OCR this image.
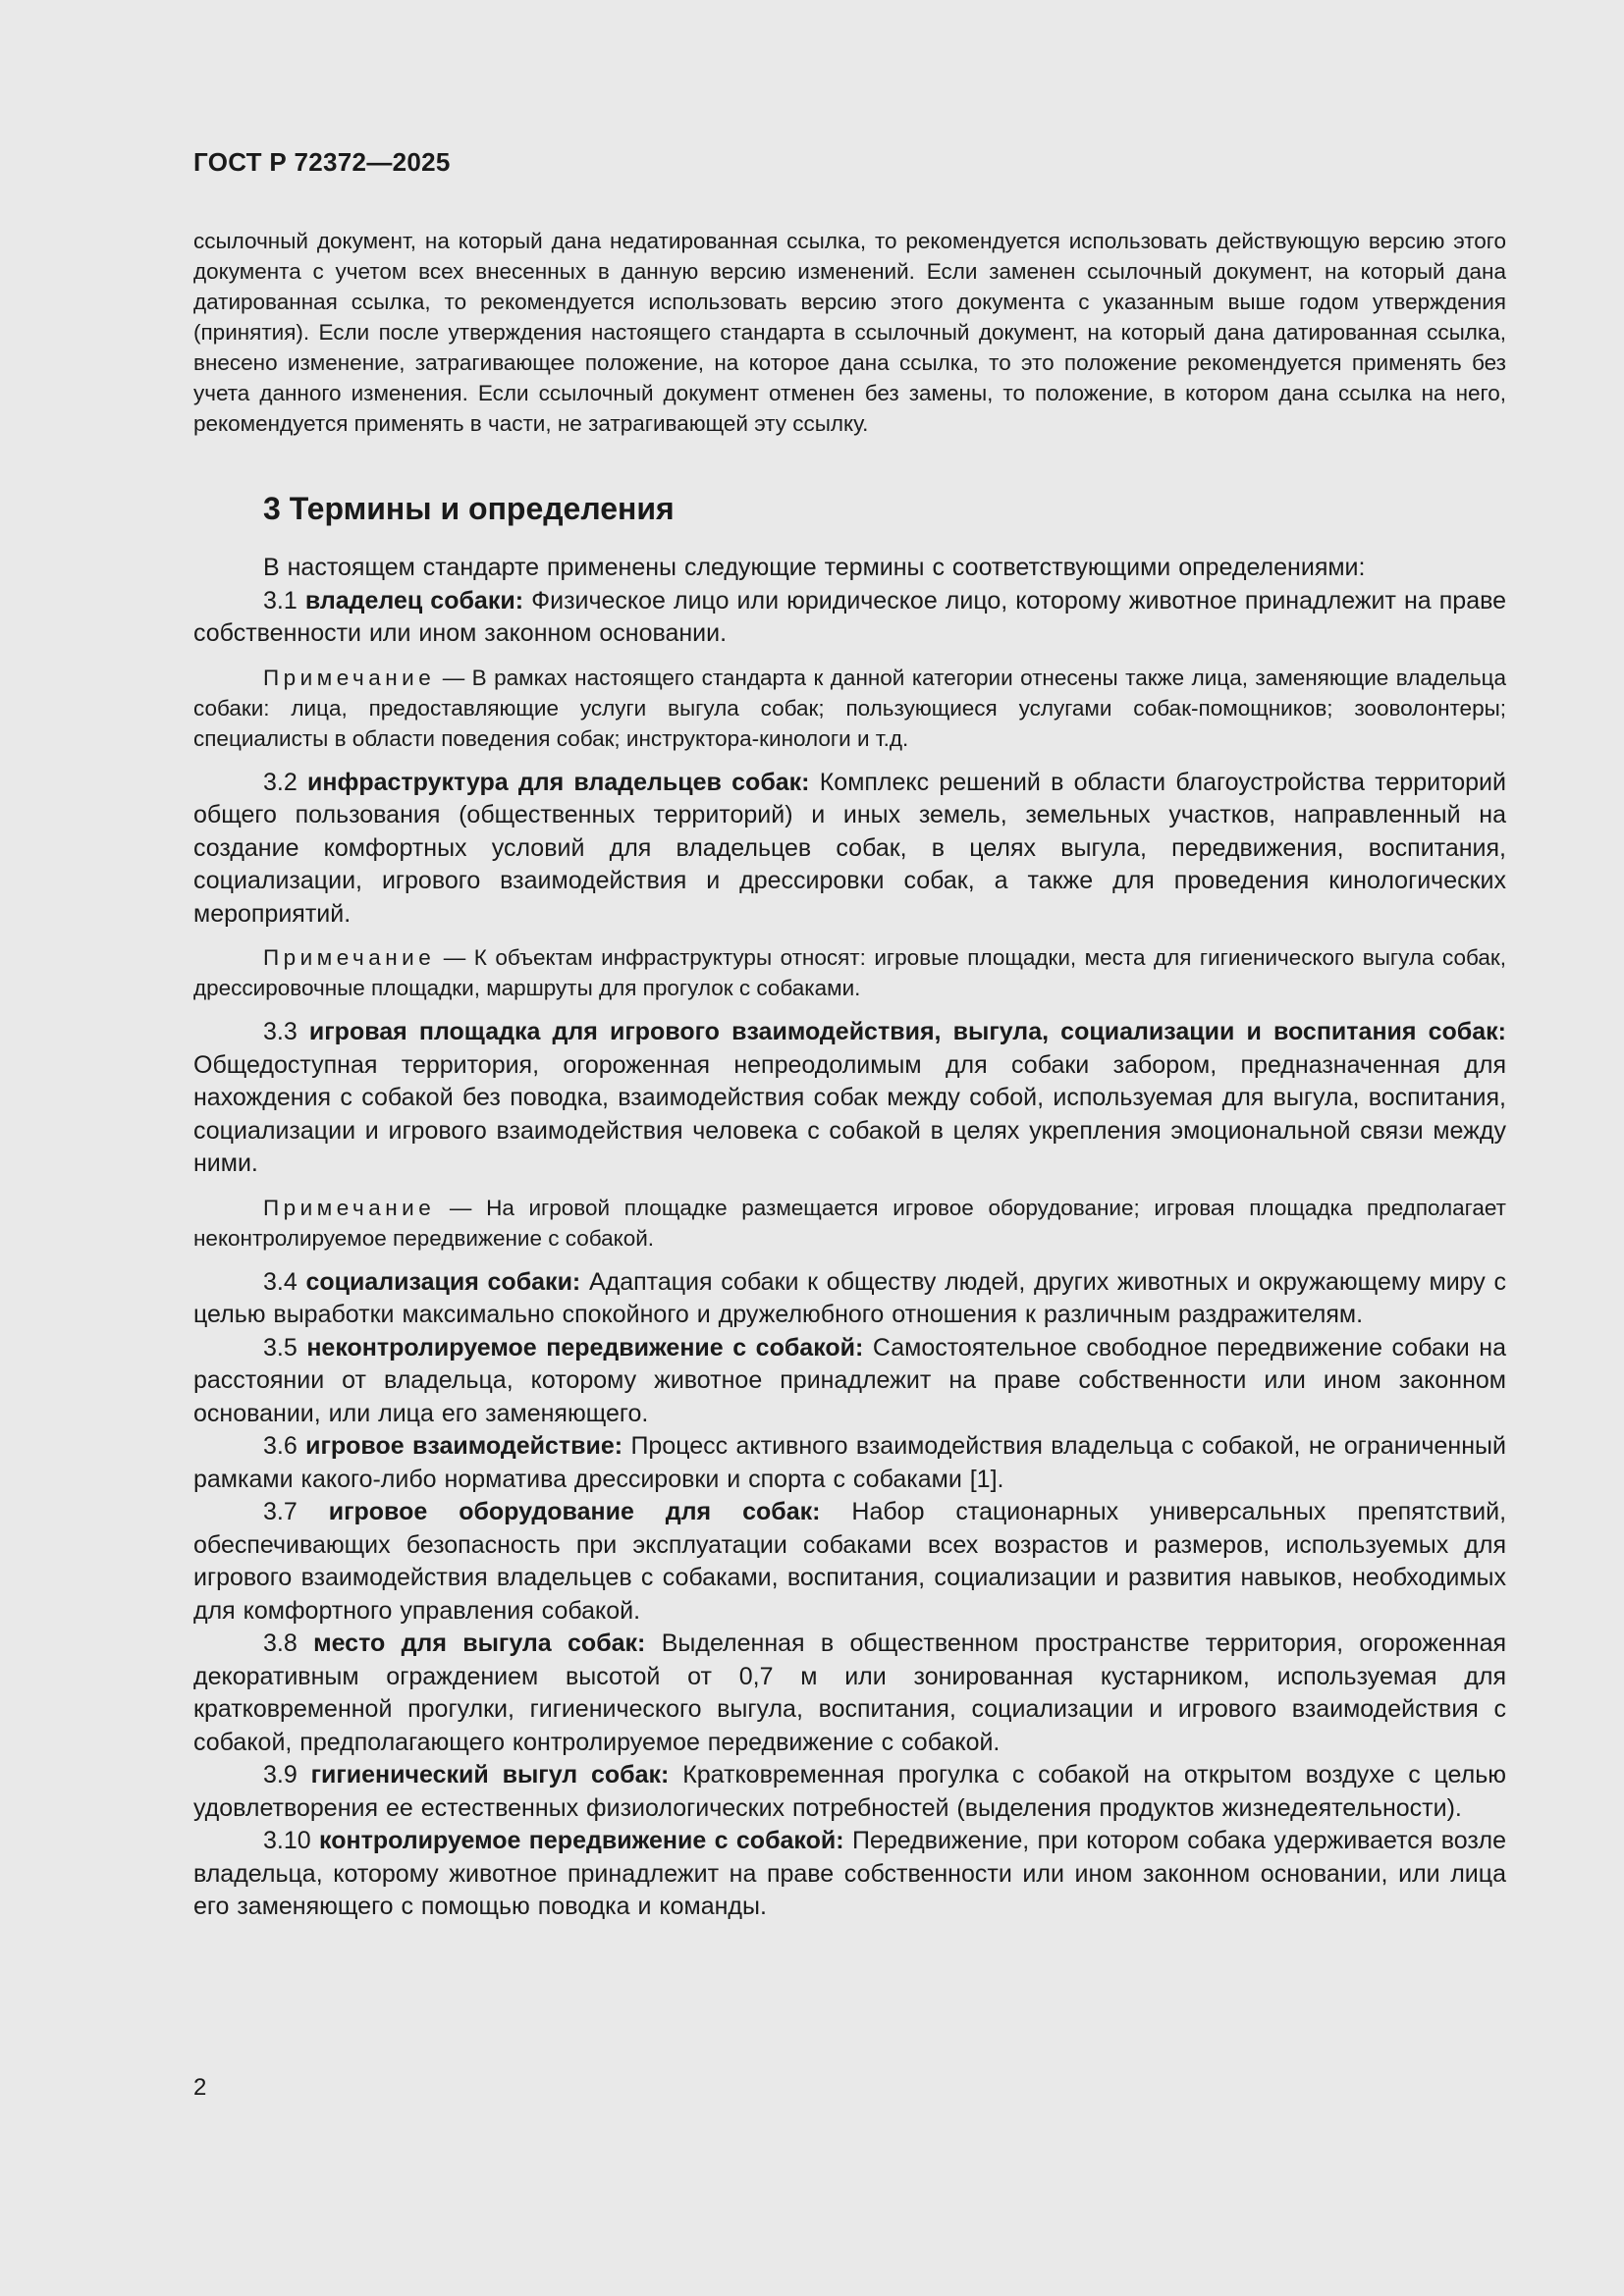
ГОСТ Р 72372—2025

ссылочный документ, на который дана недатированная ссылка, то рекомендуется использовать действующую версию этого документа с учетом всех внесенных в данную версию изменений. Если заменен ссылочный документ, на который дана датированная ссылка, то рекомендуется использовать версию этого документа с указанным выше годом утверждения (принятия). Если после утверждения настоящего стандарта в ссылочный документ, на который дана датированная ссылка, внесено изменение, затрагивающее положение, на которое дана ссылка, то это положение рекомендуется применять без учета данного изменения. Если ссылочный документ отменен без замены, то положение, в котором дана ссылка на него, рекомендуется применять в части, не затрагивающей эту ссылку.

3 Термины и определения

В настоящем стандарте применены следующие термины с соответствующими определениями:

3.1 владелец собаки: Физическое лицо или юридическое лицо, которому животное принадлежит на праве собственности или ином законном основании.

Примечание — В рамках настоящего стандарта к данной категории отнесены также лица, заменяющие владельца собаки: лица, предоставляющие услуги выгула собак; пользующиеся услугами собак-помощников; зооволонтеры; специалисты в области поведения собак; инструктора-кинологи и т.д.

3.2 инфраструктура для владельцев собак: Комплекс решений в области благоустройства территорий общего пользования (общественных территорий) и иных земель, земельных участков, направленный на создание комфортных условий для владельцев собак, в целях выгула, передвижения, воспитания, социализации, игрового взаимодействия и дрессировки собак, а также для проведения кинологических мероприятий.

Примечание — К объектам инфраструктуры относят: игровые площадки, места для гигиенического выгула собак, дрессировочные площадки, маршруты для прогулок с собаками.

3.3 игровая площадка для игрового взаимодействия, выгула, социализации и воспитания собак: Общедоступная территория, огороженная непреодолимым для собаки забором, предназначенная для нахождения с собакой без поводка, взаимодействия собак между собой, используемая для выгула, воспитания, социализации и игрового взаимодействия человека с собакой в целях укрепления эмоциональной связи между ними.

Примечание — На игровой площадке размещается игровое оборудование; игровая площадка предполагает неконтролируемое передвижение с собакой.

3.4 социализация собаки: Адаптация собаки к обществу людей, других животных и окружающему миру с целью выработки максимально спокойного и дружелюбного отношения к различным раздражителям.

3.5 неконтролируемое передвижение с собакой: Самостоятельное свободное передвижение собаки на расстоянии от владельца, которому животное принадлежит на праве собственности или ином законном основании, или лица его заменяющего.

3.6 игровое взаимодействие: Процесс активного взаимодействия владельца с собакой, не ограниченный рамками какого-либо норматива дрессировки и спорта с собаками [1].

3.7 игровое оборудование для собак: Набор стационарных универсальных препятствий, обеспечивающих безопасность при эксплуатации собаками всех возрастов и размеров, используемых для игрового взаимодействия владельцев с собаками, воспитания, социализации и развития навыков, необходимых для комфортного управления собакой.

3.8 место для выгула собак: Выделенная в общественном пространстве территория, огороженная декоративным ограждением высотой от 0,7 м или зонированная кустарником, используемая для кратковременной прогулки, гигиенического выгула, воспитания, социализации и игрового взаимодействия с собакой, предполагающего контролируемое передвижение с собакой.

3.9 гигиенический выгул собак: Кратковременная прогулка с собакой на открытом воздухе с целью удовлетворения ее естественных физиологических потребностей (выделения продуктов жизнедеятельности).

3.10 контролируемое передвижение с собакой: Передвижение, при котором собака удерживается возле владельца, которому животное принадлежит на праве собственности или ином законном основании, или лица его заменяющего с помощью поводка и команды.

2
